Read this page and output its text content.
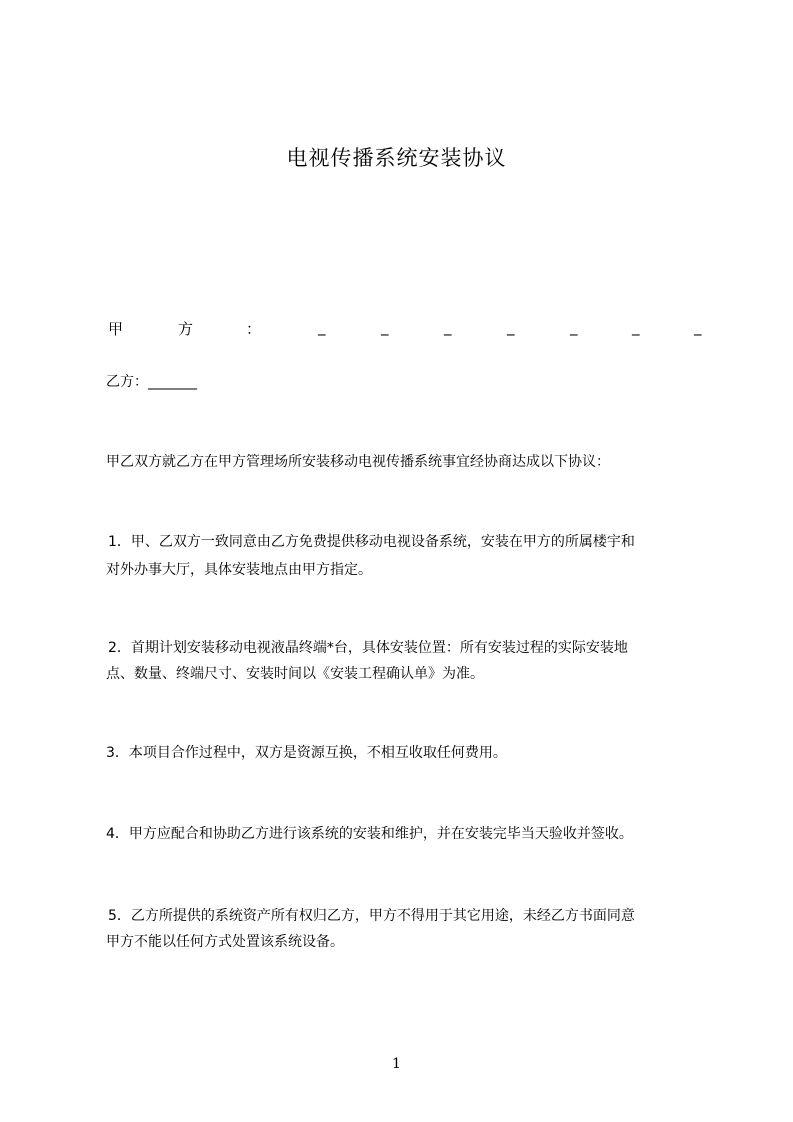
电视传播系统安装协议
甲	方	：	_	_	_	_	_	_	_
乙方：_______
甲乙双方就乙方在甲方管理场所安装移动电视传播系统事宜经协商达成以下协议：
1．甲、乙双方一致同意由乙方免费提供移动电视设备系统，安装在甲方的所属楼宇和
对外办事大厅，具体安装地点由甲方指定。
2．首期计划安装移动电视液晶终端*台，具体安装位置：所有安装过程的实际安装地
点、数量、终端尺寸、安装时间以《安装工程确认单》为准。
3．本项目合作过程中，双方是资源互换，不相互收取任何费用。
4．甲方应配合和协助乙方进行该系统的安装和维护，并在安装完毕当天验收并签收。
5．乙方所提供的系统资产所有权归乙方，甲方不得用于其它用途，未经乙方书面同意
甲方不能以任何方式处置该系统设备。
1
